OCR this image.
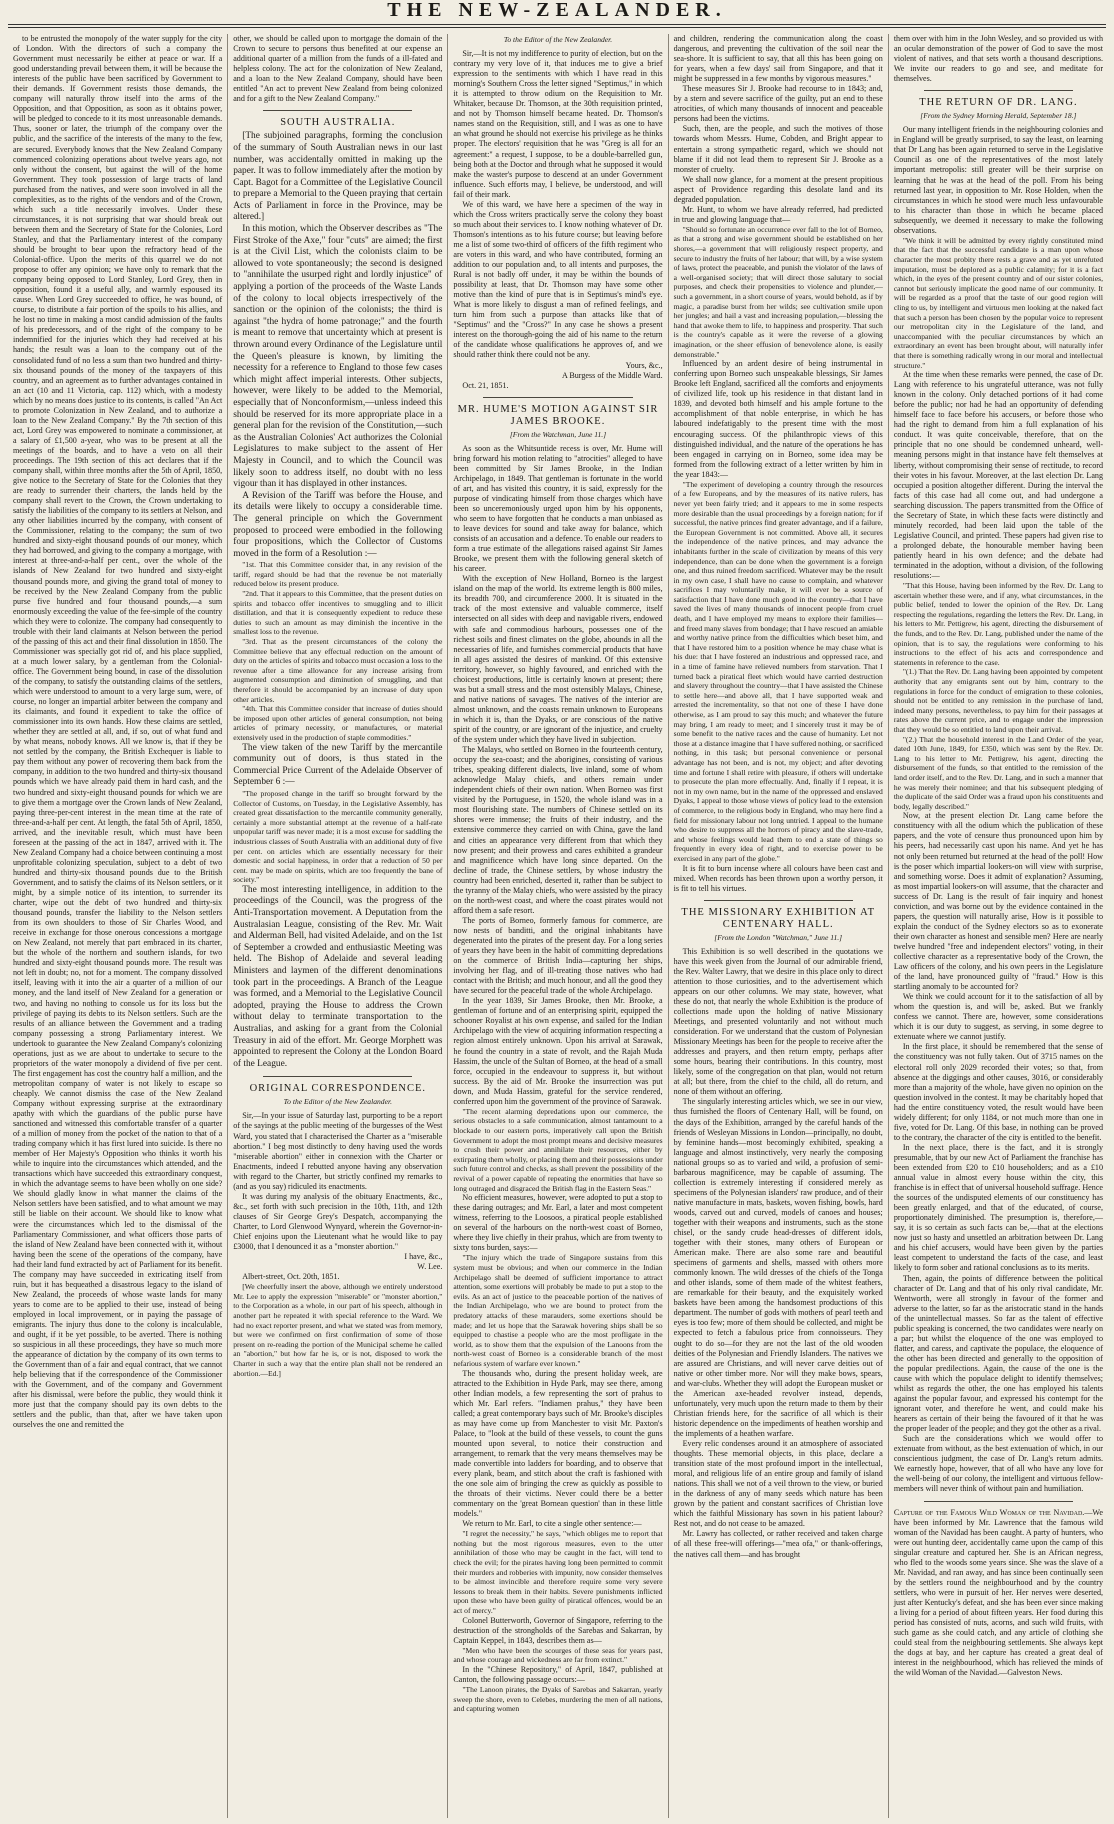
THE NEW-ZEALANDER.

to be entrusted the monopoly of the water supply for the city of London. With the directors of such a company the Government must necessarily be either at peace or war. If a good understanding prevail between them, it will be because the interests of the public have been sacrificed by Government to their demands. If Government resists those demands, the company will naturally throw itself into the arms of the Opposition, and that Opposition, as soon as it obtains power, will be pledged to concede to it its most unreasonable demands. Thus, sooner or later, the triumph of the company over the public, and the sacrifice of the interests of the many to the few, are secured. Everybody knows that the New Zealand Company commenced colonizing operations about twelve years ago, not only without the consent, but against the will of the home Government. They took possession of large tracts of land purchased from the natives, and were soon involved in all the complexities, as to the rights of the vendors and of the Crown, which such a title necessarily involves. Under these circumstances, it is not surprising that war should break out between them and the Secretary of State for the Colonies, Lord Stanley, and that the Parliamentary interest of the company should be brought to bear upon the refractory head of the Colonial-office. Upon the merits of this quarrel we do not propose to offer any opinion; we have only to remark that the company being opposed to Lord Stanley, Lord Grey, then in opposition, found it a useful ally, and warmly espoused its cause. When Lord Grey succeeded to office, he was bound, of course, to distribute a fair portion of the spoils to his allies, and he lost no time in making a most candid admission of the faults of his predecessors, and of the right of the company to be indemnified for the injuries which they had received at his hands; the result was a loan to the company out of the consolidated fund of no less a sum than two hundred and thirty-six thousand pounds of the money of the taxpayers of this country, and an agreement as to further advantages contained in an act (10 and 11 Victoria, cap. 112) which, with a modesty which by no means does justice to its contents, is called "An Act to promote Colonization in New Zealand, and to authorize a loan to the New Zealand Company." By the 7th section of this act, Lord Grey was empowered to nominate a commissioner, at a salary of £1,500 a-year, who was to be present at all the meetings of the boards, and to have a veto on all their proceedings. The 19th section of this act declares that if the company shall, within three months after the 5th of April, 1850, give notice to the Secretary of State for the Colonies that they are ready to surrender their charters, the lands held by the company shall revert to the Crown, the Crown undertaking to satisfy the liabilities of the company to its settlers at Nelson, and any other liabilities incurred by the company, with consent of the Commissioner, relating to the company; the sum of two hundred and sixty-eight thousand pounds of our money, which they had borrowed, and giving to the company a mortgage, with interest at three-and-a-half per cent., over the whole of the islands of New Zealand for two hundred and sixty-eight thousand pounds more, and giving the grand total of money to be received by the New Zealand Company from the public purse five hundred and four thousand pounds,—a sum enormously exceeding the value of the fee-simple of the country which they were to colonize. The company had consequently to trouble with their land claimants at Nelson between the period of the passing of this act and their final dissolution in 1850. The Commissioner was specially got rid of, and his place supplied, at a much lower salary, by a gentleman from the Colonial-office. The Government being bound, in case of the dissolution of the company, to satisfy the outstanding claims of the settlers, which were understood to amount to a very large sum, were, of course, no longer an impartial arbiter between the company and its claimants, and found it expedient to take the office of commissioner into its own hands. How these claims are settled, whether they are settled at all, and, if so, out of what fund and by what means, nobody knows. All we know is, that if they be not settled by the company, the British Exchequer is liable to pay them without any power of recovering them back from the company, in addition to the two hundred and thirty-six thousand pounds which we have already paid them in hard cash, and the two hundred and sixty-eight thousand pounds for which we are to give them a mortgage over the Crown lands of New Zealand, paying three-per-cent interest in the mean time at the rate of three-and-a-half per cent. At length, the fatal 5th of April, 1850, arrived, and the inevitable result, which must have been foreseen at the passing of the act in 1847, arrived with it. The New Zealand Company had a choice between continuing a most unprofitable colonizing speculation, subject to a debt of two hundred and thirty-six thousand pounds due to the British Government, and to satisfy the claims of its Nelson settlers, or it might, by a simple notice of its intention, to surrender its charter, wipe out the debt of two hundred and thirty-six thousand pounds, transfer the liability to the Nelson settlers from its own shoulders to those of Sir Charles Wood, and receive in exchange for those onerous concessions a mortgage on New Zealand, not merely that part embraced in its charter, but the whole of the northern and southern islands, for two hundred and sixty-eight thousand pounds more. The result was not left in doubt; no, not for a moment. The company dissolved itself, leaving with it into the air a quarter of a million of our money, and the land itself of New Zealand for a generation or two, and having no nothing to console us for its loss but the privilege of paying its debts to its Nelson settlers. Such are the results of an alliance between the Government and a trading company possessing a strong Parliamentary interest. We undertook to guarantee the New Zealand Company's colonizing operations, just as we are about to undertake to secure to the proprietors of the water monopoly a dividend of five per cent. The first engagement has cost the country half a million, and the metropolitan company of water is not likely to escape so cheaply. We cannot dismiss the case of the New Zealand Company without expressing surprise at the extraordinary apathy with which the guardians of the public purse have sanctioned and witnessed this comfortable transfer of a quarter of a million of money from the pocket of the nation to that of a trading company which it has first lured into suicide. Is there no member of Her Majesty's Opposition who thinks it worth his while to inquire into the circumstances which attended, and the transactions which have succeeded this extraordinary conquest, in which the advantage seems to have been wholly on one side? We should gladly know in what manner the claims of the Nelson settlers have been satisfied, and to what amount we may still be liable on their account. We should like to know what were the circumstances which led to the dismissal of the Parliamentary Commissioner, and what officers those parts of the island of New Zealand have been connected with it, without having been the scene of the operations of the company, have had their land fund extracted by act of Parliament for its benefit. The company may have succeeded in extricating itself from ruin, but it has bequeathed a disastrous legacy to the island of New Zealand, the proceeds of whose waste lands for many years to come are to be applied to their use, instead of being employed in local improvement, or in paying the passage of emigrants. The injury thus done to the colony is incalculable, and ought, if it be yet possible, to be averted. There is nothing so suspicious in all these proceedings, they have so much more the appearance of dictation by the company of its own terms to the Government than of a fair and equal contract, that we cannot help believing that if the correspondence of the Commissioner with the Government, and of the company and Government after his dismissal, were before the public, they would think it more just that the company should pay its own debts to the settlers and the public, than that, after we have taken upon ourselves the one and remitted the

other, we should be called upon to mortgage the domain of the Crown to secure to persons thus benefited at our expense an additional quarter of a million from the funds of a ill-fated and helpless colony. The act for the colonization of New Zealand, and a loan to the New Zealand Company, should have been entitled "An act to prevent New Zealand from being colonized and for a gift to the New Zealand Company."

SOUTH AUSTRALIA.

[The subjoined paragraphs, forming the conclusion of the summary of South Australian news in our last number, was accidentally omitted in making up the paper. It was to follow immediately after the motion by Capt. Bagot for a Committee of the Legislative Council to prepare a Memorial to the Queen praying that certain Acts of Parliament in force in the Province, may be altered.]

In this motion, which the Observer describes as "The First Stroke of the Axe," four "cuts" are aimed; the first is at the Civil List, which the colonists claim to be allowed to vote spontaneously; the second is designed to "annihilate the usurped right and lordly injustice" of applying a portion of the proceeds of the Waste Lands of the colony to local objects irrespectively of the sanction or the opinion of the colonists; the third is against "the hydra of home patronage;" and the fourth is meant to remove that uncertainty which at present is thrown around every Ordinance of the Legislature until the Queen's pleasure is known, by limiting the necessity for a reference to England to those few cases which might affect imperial interests. Other subjects, however, were likely to be added to the Memorial, especially that of Nonconformism,—unless indeed this should be reserved for its more appropriate place in a general plan for the revision of the Constitution,—such as the Australian Colonies' Act authorizes the Colonial Legislatures to make subject to the assent of Her Majesty in Council, and to which the Council was likely soon to address itself, no doubt with no less vigour than it has displayed in other instances.

A Revision of the Tariff was before the House, and its details were likely to occupy a considerable time. The general principle on which the Government proposed to proceed were embodied in the following four propositions, which the Collector of Customs moved in the form of a Resolution :—

"1st. That this Committee consider that, in any revision of the tariff, regard should be had that the revenue be not materially reduced below its present produce.

"2nd. That it appears to this Committee, that the present duties on spirits and tobacco offer incentives to smuggling and to illicit distillation, and that it is consequently expedient to reduce these duties to such an amount as may diminish the incentive in the smallest loss to the revenue.

"3rd. That as the present circumstances of the colony the Committee believe that any effectual reduction on the amount of duty on the articles of spirits and tobacco must occasion a loss to the revenue after a time allowance for any increase arising from augmented consumption and diminution of smuggling, and that therefore it should be accompanied by an increase of duty upon other articles.

"4th. That this Committee consider that increase of duties should be imposed upon other articles of general consumption, not being articles of primary necessity, or manufactures, or material extensively used in the production of staple commodities."

The view taken of the new Tariff by the mercantile community out of doors, is thus stated in the Commercial Price Current of the Adelaide Observer of September 6 :—

"The proposed change in the tariff so brought forward by the Collector of Customs, on Tuesday, in the Legislative Assembly, has created great dissatisfaction to the mercantile community generally, certainly a more substantial attempt at the revenue of a half-rate unpopular tariff was never made; it is a most excuse for saddling the industrious classes of South Australia with an additional duty of five per cent. on articles which are essentially necessary for their domestic and social happiness, in order that a reduction of 50 per cent. may be made on spirits, which are too frequently the bane of society."

The most interesting intelligence, in addition to the proceedings of the Council, was the progress of the Anti-Transportation movement. A Deputation from the Australasian League, consisting of the Rev. Mr. Wait and Alderman Bell, had visited Adelaide, and on the 1st of September a crowded and enthusiastic Meeting was held. The Bishop of Adelaide and several leading Ministers and laymen of the different denominations took part in the proceedings. A Branch of the League was formed, and a Memorial to the Legislative Council adopted, praying the House to address the Crown without delay to terminate transportation to the Australias, and asking for a grant from the Colonial Treasury in aid of the effort. Mr. George Morphett was appointed to represent the Colony at the London Board of the League.

ORIGINAL CORRESPONDENCE.
To the Editor of the New Zealander.

Sir,—In your issue of Saturday last, purporting to be a report of the sayings at the public meeting of the burgesses of the West Ward, you stated that I characterised the Charter as a "miserable abortion." I beg most distinctly to deny having used the words "miserable abortion" either in connexion with the Charter or Enactments, indeed I rebutted anyone having any observation with regard to the Charter, but strictly confined my remarks to (and as you say) ridiculed its enactments.

It was during my analysis of the obituary Enactments, &c., &c., set forth with such precision in the 10th, 11th, and 12th clauses of Sir George Grey's Despatch, accompanying the Charter, to Lord Glenwood Wynyard, wherein the Governor-in-Chief enjoins upon the Lieutenant what he would like to pay £3000, that I denounced it as a "monster abortion."

I have, &c.,

W. Lee.

Albert-street, Oct. 20th, 1851.

[We cheerfully insert the above, although we entirely understood Mr. Lee to apply the expression "miserable" or "monster abortion," to the Corporation as a whole, in our part of his speech, although in another part he repeated it with special reference to the Ward. We had no exact reporter present, and what we stated was from memory, but were we confirmed on first confirmation of some of those present on re-reading the portion of the Municipal scheme he called an "abortion," but how far he is, or is not, disposed to work the Charter in such a way that the entire plan shall not be rendered an abortion.—Ed.]

To the Editor of the New Zealander.

Sir,—It is not my indifference to purity of election, but on the contrary my very love of it, that induces me to give a brief expression to the sentiments with which I have read in this morning's Southern Cross the letter signed "Septimus," in which it is attempted to throw odium on the Requisition to Mr. Whitaker, because Dr. Thomson, at the 30th requisition printed, and not by Thomson himself became heated. Dr. Thomson's names stand on the Requisition, still, and I was as one to have an what ground he should not exercise his privilege as he thinks proper. The electors' requisition that he was "Greg is all for an agreement:" a request, I suppose, to be a double-barrelled gun, being both at the Doctor and through what he supposed it would make the waster's purpose to descend at an under Government influence. Such efforts may, I believe, be understood, and will fail of their mark.

We of this ward, we have here a specimen of the way in which the Cross writers practically serve the colony they boast so much about their services to. I know nothing whatever of Dr. Thomson's intentions as to his future course; but leaving before me a list of some two-third of officers of the fifth regiment who are voters in this ward, and who have contributed, forming an addition to our population and, to all intents and purposes, the Rural is not badly off under, it may be within the bounds of possibility at least, that Dr. Thomson may have some other motive than the kind of pure that is in Septimus's mind's eye. What is more likely to disgust a man of refined feelings, and turn him from such a purpose than attacks like that of "Septimus" and the "Cross?" In any case he shows a present interest on the thorough-going the aid of his name to the return of the candidate whose qualifications he approves of, and we should rather think there could not be any.

Yours, &c.,

A Burgess of the Middle Ward.

Oct. 21, 1851.

MR. HUME'S MOTION AGAINST SIR JAMES BROOKE.
[From the Watchman, June 11.]

As soon as the Whitsuntide recess is over, Mr. Hume will bring forward his motion relating to "atrocities" alleged to have been committed by Sir James Brooke, in the Indian Archipelago, in 1849. That gentleman is fortunate in the world of art, and has visited this country, it is said, expressly for the purpose of vindicating himself from those charges which have been so unceremoniously urged upon him by his opponents, who seem to have forgotten that he conducts a man unbiased as to leave devices for sound and take away for balance, which consists of an accusation and a defence. To enable our readers to form a true estimate of the allegations raised against Sir James Brooke, we present them with the following general sketch of his career.

With the exception of New Holland, Borneo is the largest island on the map of the world. Its extreme length is 800 miles, its breadth 700, and circumference 2000. It is situated in the track of the most extensive and valuable commerce, itself intersected on all sides with deep and navigable rivers, endowed with safe and commodious harbours, possesses one of the richest soils and finest climates on the globe, abounds in all the necessaries of life, and furnishes commercial products that have in all ages assisted the desires of mankind. Of this extensive territory, however, so highly favoured, and enriched with the choicest productions, little is certainly known at present; there was but a small stress and the most ostensibly Malays, Chinese, and native nations of savages. The natives of the interior are almost unknown, and the coasts remain unknown to Europeans in which it is, than the Dyaks, or are conscious of the native spirit of the country, or are ignorant of the injustice, and cruelty of the system under which they have lived in subjection.

The Malays, who settled on Borneo in the fourteenth century, occupy the sea-coast; and the aborigines, consisting of various tribes, speaking different dialects, live inland, some of whom acknowledge Malay chiefs, and others remain under independent chiefs of their own nation. When Borneo was first visited by the Portuguese, in 1520, the whole island was in a most flourishing state. The numbers of Chinese settled on its shores were immense; the fruits of their industry, and the extensive commerce they carried on with China, gave the land and cities an appearance very different from that which they now present; and their prowess and cares exhibited a grandeur and magnificence which have long since departed. On the decline of trade, the Chinese settlers, by whose industry the country had been enriched, deserted it, rather than be subject to the tyranny of the Malay chiefs, who were assisted by the piracy on the north-west coast, and where the coast pirates would not afford them a safe resort.

The ports of Borneo, formerly famous for commerce, are now nests of banditti, and the original inhabitants have degenerated into the pirates of the present day. For a long series of years they have been in the habit of committing depredations on the commerce of British India—capturing her ships, involving her flag, and of ill-treating those natives who had contact with the British; and much honour, and all the good they have secured for the peaceful trade of the whole Archipelago.

In the year 1839, Sir James Brooke, then Mr. Brooke, a gentleman of fortune and of an enterprising spirit, equipped the schooner Royalist at his own expense, and sailed for the Indian Archipelago with the view of acquiring information respecting a region almost entirely unknown. Upon his arrival at Sarawak, he found the country in a state of revolt, and the Rajah Muda Hassim, the uncle of the Sultan of Borneo, at the head of a small force, occupied in the endeavour to suppress it, but without success. By the aid of Mr. Brooke the insurrection was put down, and Muda Hassim, grateful for the service rendered, conferred upon him the government of the province of Sarawak.

"The recent alarming depredations upon our commerce, the serious obstacles to a safe communication, almost tantamount to a blockade to our eastern ports, imperatively call upon the British Government to adopt the most prompt means and decisive measures to crush their power and annihilate their resources, either by extirpating them wholly, or placing them and their possessions under such future control and checks, as shall prevent the possibility of the revival of a power capable of repeating the enormities that have so long outraged and disgraced the British flag in the Eastern Seas."

No efficient measures, however, were adopted to put a stop to these daring outrages; and Mr. Earl, a later and most competent witness, referring to the Loosoos, a piratical people established on several of the harbours on the north-west coast of Borneo, where they live chiefly in their prahus, which are from twenty to sixty tons burden, says:—

"The injury which the trade of Singapore sustains from this system must be obvious; and when our commerce in the Indian Archipelago shall be deemed of sufficient importance to attract attention, some exertions will probably be made to put a stop to the evils. As an act of justice to the peaceable portion of the natives of the Indian Archipelago, who we are bound to protect from the predatory attacks of these marauders, some exertions should be made; and let us hope that the Sarawak hovering ships shall be so equipped to chastise a people who are the most profligate in the world, as to show them that the expulsion of the Lanoons from the north-west coast of Borneo is a considerable branch of the most nefarious system of warfare ever known."

The thousands who, during the present holiday week, are attracted to the Exhibition in Hyde Park, may see there, among other Indian models, a few representing the sort of prahus to which Mr. Earl refers. "Indiamen prahus," they have been called; a great contemporary bays such of Mr. Brooke's disciples as may have come up from Manchester to visit Mr. Paxton's Palace, to "look at the build of these vessels, to count the guns mounted upon several, to notice their construction and arrangement, to remark that the very means themselves may be made convertible into ladders for boarding, and to observe that every plank, beam, and stitch about the craft is fashioned with the one sole aim of bringing the crew as quickly as possible to the throats of their victims. Never could there be a better commentary on the 'great Bornean question' than in these little models."

We return to Mr. Earl, to cite a single other sentence:—

"I regret the necessity," he says, "which obliges me to report that nothing but the most rigorous measures, even to the utter annihilation of those who may be caught in the fact, will tend to check the evil; for the pirates having long been permitted to commit their murders and robberies with impunity, now consider themselves to be almost invincible and therefore require some very severe lessons to break them in their habits. Severe punishments inflicted upon these who have been guilty of piratical offences, would be an act of mercy."

Colonel Butterworth, Governor of Singapore, referring to the destruction of the strongholds of the Sarebas and Sakarran, by Captain Keppel, in 1843, describes them as—

"Men who have been the scourges of these seas for years past, and whose courage and wickedness are far from extinct."

In the "Chinese Repository," of April, 1847, published at Canton, the following passage occurs:—

"The Lanoon pirates, the Dyaks of Sarebas and Sakarran, yearly sweep the shore, even to Celebes, murdering the men of all nations, and capturing women

and children, rendering the communication along the coast dangerous, and preventing the cultivation of the soil near the sea-shore. It is sufficient to say, that all this has been going on for years, when a few days' sail from Singapore, and that it might be suppressed in a few months by vigorous measures."

These measures Sir J. Brooke had recourse to in 1843; and, by a stern and severe sacrifice of the guilty, put an end to these atrocities, of which many thousands of innocent and peaceable persons had been the victims.

Such, then, are the people, and such the motives of those towards whom Messrs. Hume, Cobden, and Bright appear to entertain a strong sympathetic regard, which we should not blame if it did not lead them to represent Sir J. Brooke as a monster of cruelty.

We shall now glance, for a moment at the present propitious aspect of Providence regarding this desolate land and its degraded population.

Mr. Hunt, to whom we have already referred, had predicted in true and glowing language that—

"Should so fortunate an occurrence ever fall to the lot of Borneo, as that a strong and wise government should be established on her shores,—a government that will religiously respect property, and secure to industry the fruits of her labour; that will, by a wise system of laws, protect the peaceable, and punish the violator of the laws of a well-organised society; that will direct those salutary to social purposes, and check their propensities to violence and plunder,—such a government, in a short course of years, would behold, as if by magic, a paradise burst from her wilds; see cultivation smile upon her jungles; and hail a vast and increasing population,—blessing the hand that awoke them to life, to happiness and prosperity. That such is the country's capable as it were the reverse of a glowing imagination, or the sheer effusion of benevolence alone, is easily demonstrable."

Influenced by an ardent desire of being instrumental in conferring upon Borneo such unspeakable blessings, Sir James Brooke left England, sacrificed all the comforts and enjoyments of civilized life, took up his residence in that distant land in 1839, and devoted both himself and his ample fortune to the accomplishment of that noble enterprise, in which he has laboured indefatigably to the present time with the most encouraging success. Of the philanthropic views of this distinguished individual, and the nature of the operations he has been engaged in carrying on in Borneo, some idea may be formed from the following extract of a letter written by him in the year 1843:—

"The experiment of developing a country through the resources of a few Europeans, and by the measures of its native rulers, has never yet been fairly tried; and it appears to me in some respects more desirable than the usual proceedings by a foreign nation; for if successful, the native princes find greater advantage, and if a failure, the European Government is not committed. Above all, it secures the independence of the native princes, and may advance the inhabitants further in the scale of civilization by means of this very independence, than can be done when the government is a foreign one, and thus ruined freedom sacrificed. Whatever may be the result in my own case, I shall have no cause to complain, and whatever sacrifices I may voluntarily make, it will ever be a source of satisfaction that I have done much good in the country—that I have saved the lives of many thousands of innocent people from cruel death, and I have employed my means to explore their families—and freed many slaves from bondage; that I have rescued an amiable and worthy native prince from the difficulties which beset him, and that I have restored him to a position whence he may chase what is his due: that I have fostered an industrious and oppressed race, and in a time of famine have relieved numbers from starvation. That I turned back a piratical fleet which would have carried destruction and slavery throughout the country—that I have assisted the Chinese to settle here—and above all, that I have supported weak and arrested the incrementality, so that not one of these I have done otherwise, as I am proud to say this much; and whatever the future may bring, I am ready to meet; and I sincerely trust it may be of some benefit to the native races and the cause of humanity. Let not those at a distance imagine that I have suffered nothing, or sacrificed nothing, in this task; but personal convenience or personal advantage has not been, and is not, my object; and after devoting time and fortune I shall retire with pleasure, if others will undertake to prosecute the plan more effectually. And, finally if I repeat, it is not in my own name, but in the name of the oppressed and enslaved Dyaks, I appeal to those whose views of policy lead to the extension of commerce, to the religious body in England, who may here find a field for missionary labour not long untried. I appeal to the humane who desire to suppress all the horrors of piracy and the slave-trade, and whose feelings would lead them to end a state of things so frequently in every idea of right, and to exercise power to be exercised in any part of the globe."

It is fit to burn incense where all colours have been cast and mixed. When records has been thrown upon a worthy person, it is fit to tell his virtues.

THE MISSIONARY EXHIBITION AT CENTENARY HALL.
[From the London "Watchman," June 11.]

This Exhibition is so well described in the quotations we have this week given from the Journal of our admirable friend, the Rev. Walter Lawry, that we desire in this place only to direct attention to those curiosities, and to the advertisement which appears on our other columns. We may state, however, what these do not, that nearly the whole Exhibition is the produce of collections made upon the holding of native Missionary Meetings, and presented voluntarily and not without much consideration. For we understand that the custom of Polynesian Missionary Meetings has been for the people to receive after the addresses and prayers, and then return empty, perhaps after some hours, bearing their contributions. In this country, most likely, some of the congregation on that plan, would not return at all; but there, from the chief to the child, all do return, and none of them without an offering.

The singularly interesting articles which, we see in our view, thus furnished the floors of Centenary Hall, will be found, on the days of the Exhibition, arranged by the careful hands of the friends of Wesleyan Missions in London—principally, no doubt, by feminine hands—most becomingly exhibited, speaking a language and almost instinctively, very nearly the composing national groups so as to varied and wild, a profusion of semi-barbarous magnificence, may be capable of assuming. The collection is extremely interesting if considered merely as specimens of the Polynesian islanders' raw produce, and of their native manufacture in mats, baskets, woven fishing, bowls, hard woods, carved out and curved, models of canoes and houses; together with their weapons and instruments, such as the stone chisel, or the sandy crude head-dresses of different idols, together with their stones, many others of European or American make. There are also some rare and beautiful specimens of garments and shells, massed with others more commonly known. The wild dresses of the chiefs of the Tonga and other islands, some of them made of the whitest feathers, are remarkable for their beauty, and the exquisitely worked baskets have been among the handsomest productions of this department. The number of gods with mothers of pearl teeth and eyes is too few; more of them should be collected, and might be expected to fetch a fabulous price from connoisseurs. They ought to do so—for they are not the last of the old wooden deities of the Polynesian and Friendly Islanders. The natives we are assured are Christians, and will never carve deities out of native or other timber more. Nor will they make bows, spears, and war-clubs. Whether they will adopt the European musket or the American axe-headed revolver instead, depends, unfortunately, very much upon the return made to them by their Christian friends here, for the sacrifice of all which is their historic dependence on the impediments of heathen worship and the implements of a heathen warfare.

Every relic condenses around it an atmosphere of associated thoughts. These memorial objects, in this place, declare a transition state of the most profound import in the intellectual, moral, and religious life of an entire group and family of island nations. This shall we not of a veil thrown to the view, or buried in the darkness of any of many seeds which nature has been grown by the patient and constant sacrifices of Christian love which the faithful Missionary has sown in his patient labour? Rest not, and do not cease to be amazed.

Mr. Lawry has collected, or rather received and taken charge of all these free-will offerings—"mea ofa," or thank-offerings, the natives call them—and has brought

them over with him in the John Wesley, and so provided us with an ocular demonstration of the power of God to save the most violent of natives, and that sets worth a thousand descriptions. We invite our readers to go and see, and meditate for themselves.

THE RETURN OF DR. LANG.
[From the Sydney Morning Herald, September 18.]

Our many intelligent friends in the neighbouring colonies and in England will be greatly surprised, to say the least, on learning that Dr Lang has been again returned to serve in the Legislative Council as one of the representatives of the most lately important metropolis: still greater will be their surprise on learning that he was at the head of the poll. From his being returned last year, in opposition to Mr. Rose Holden, when the circumstances in which he stood were much less unfavourable to his character than those in which he became placed subsequently, we deemed it necessary to make the following observations.

"We think it will be admitted by every rightly constituted mind that the fact that the successful candidate is a man upon whose character the most probity there rests a grave and as yet unrefuted imputation, must be deplored as a public calamity; for it is a fact which, in the eyes of the present country and of our sister colonies, cannot but seriously implicate the good name of our community. It will be regarded as a proof that the taste of our good region will cling to us, by intelligent and virtuous men looking at the naked fact that such a person has been chosen by the popular voice to represent our metropolitan city in the Legislature of the land, and unaccompanied with the peculiar circumstances by which an extraordinary an event has been brought about, will naturally infer that there is something radically wrong in our moral and intellectual structure."

At the time when these remarks were penned, the case of Dr. Lang with reference to his ungrateful utterance, was not fully known in the colony. Only detached portions of it had come before the public; nor had he had an opportunity of defending himself face to face before his accusers, or before those who had the right to demand from him a full explanation of his conduct. It was quite conceivable, therefore, that on the principle that no one should be condemned unheard, well-meaning persons might in that instance have felt themselves at liberty, without compromising their sense of rectitude, to record their votes in his favour. Moreover, at the last election Dr. Lang occupied a position altogether different. During the interval the facts of this case had all come out, and had undergone a searching discussion. The papers transmitted from the Office of the Secretary of State, in which these facts were distinctly and minutely recorded, had been laid upon the table of the Legislative Council, and printed. These papers had given rise to a prolonged debate, the honourable member having been patiently heard in his own defence; and the debate had terminated in the adoption, without a division, of the following resolutions:—

"That this House, having been informed by the Rev. Dr. Lang to ascertain whether these were, and if any, what circumstances, in the public belief, tended to lower the opinion of the Rev. Dr. Lang respecting the regulations, regarding the letters the Rev. Dr. Lang, in his letters to Mr. Pettigrew, his agent, directing the disbursement of the funds, and to the Rev. Dr. Lang, published under the name of the opinion, that is to say, the regulations were conforming to his instructions to the effect of his acts and correspondence and statements in reference to the case.

"(1.) That the Rev. Dr. Lang having been appointed by competent authority that any emigrants sent out by him, contrary to the regulations in force for the conduct of emigration to these colonies, should not be entitled to any remission in the purchase of land, indeed many persons, nevertheless, to pay him for their passages at rates above the current price, and to engage under the impression that they would be so entitled to land upon their arrival.

"(2.) That the household interest in the Land Order of the year, dated 10th June, 1849, for £350, which was sent by the Rev. Dr. Lang to his letter to Mr. Pettigrew, his agent, directing the disbursement of the funds, so that entitled to the remission of the land order itself, and to the Rev. Dr. Lang, and in such a manner that he was merely their nominee; and that his subsequent pledging of the duplicate of the said Order was a fraud upon his constituents and body, legally described."

Now, at the present election Dr. Lang came before the constituency with all the odium which the publication of these papers, and the vote of censure thus pronounced upon him by his peers, had necessarily cast upon his name. And yet he has not only been returned but returned at the head of the poll! How is the poser which impartial lookers-on will view with surprise, and something worse. Does it admit of explanation? Assuming, as most impartial lookers-on will assume, that the character and success of Dr. Lang is the result of fair inquiry and honest conviction, and was borne out by the evidence contained in the papers, the question will naturally arise, How is it possible to explain the conduct of the Sydney electors so as to exonerate their own character as honest and sensible men? Here are nearly twelve hundred "free and independent electors" voting, in their collective character as a representative body of the Crown, the Law officers of the colony, and his own peers in the Legislature of the land, have pronounced guilty of "fraud." How is this startling anomaly to be accounted for?

We think we could account for it to the satisfaction of all by whom the question is, and will be, asked. But we frankly confess we cannot. There are, however, some considerations which it is our duty to suggest, as serving, in some degree to extenuate where we cannot justify.

In the first place, it should be remembered that the sense of the constituency was not fully taken. Out of 3715 names on the electoral roll only 2029 recorded their votes; so that, from absence at the diggings and other causes, 3016, or considerably more than a majority of the whole, have given no opinion on the question involved in the contest. It may be charitably hoped that had the entire constituency voted, the result would have been widely different; for only 1184, or not much more than one in five, voted for Dr. Lang. Of this base, in nothing can be proved to the contrary, the character of the city is entitled to the benefit.

In the next place, there is the fact, and it is strongly presumable, that by our new Act of Parliament the franchise has been extended from £20 to £10 householders; and as a £10 annual value in almost every house within the city, this franchise is in effect that of universal household suffrage. Hence the sources of the undisputed elements of our constituency has been greatly enlarged, and that of the educated, of course, proportionately diminished. The presumption is, therefore,—say, it is so certain as such facts can be,—that at the elections now just so hasty and unsettled an arbitration between Dr. Lang and his chief accusers, would have been given by the parties least competent to understand the facts of the case, and least likely to form sober and rational conclusions as to its merits.

Then, again, the points of difference between the political character of Dr. Lang and that of his only rival candidate, Mr. Wentworth, were all strongly in favour of the former and adverse to the latter, so far as the aristocratic stand in the hands of the unintellectual masses. So far as the talent of effective public speaking is concerned, the two candidates were nearly on a par; but whilst the eloquence of the one was employed to flatter, and caress, and captivate the populace, the eloquence of the other has been directed and generally to the opposition of the popular predilections. Again, the cause of the one is the cause with which the populace delight to identify themselves; whilst as regards the other, the one has employed his talents against the popular favour, and expressed his contempt for the ignorant voter, and therefore he went, and could make his hearers as certain of their being the favoured of it that he was the proper leader of the people; and they got the other as a rival.

Such are the considerations which we would offer to extenuate from without, as the best extenuation of which, in our conscientious judgment, the case of Dr. Lang's return admits. We earnestly hope, however, that of all who have any love for the well-being of our colony, the intelligent and virtuous fellow-members will never think of without pain and humiliation.

Capture of the Famous Wild Woman of the Navidad.—We have been informed by Mr. Lawrence that the famous wild woman of the Navidad has been caught. A party of hunters, who were out hunting deer, accidentally came upon the camp of this singular creature and captured her. She is an African negress, who fled to the woods some years since. She was the slave of a Mr. Navidad, and ran away, and has since been continually seen by the settlers round the neighbourhood and by the country settlers, who were in pursuit of her. Her nerves were deserted, just after Kentucky's defeat, and she has been ever since making a living for a period of about fifteen years. Her food during this period has consisted of nuts, acorns, and such wild fruits, with such game as she could catch, and any article of clothing she could steal from the neighbouring settlements. She always kept the dogs at bay, and her capture has created a great deal of interest in the neighbourhood, which has relieved the minds of the wild Woman of the Navidad.—Galveston News.
